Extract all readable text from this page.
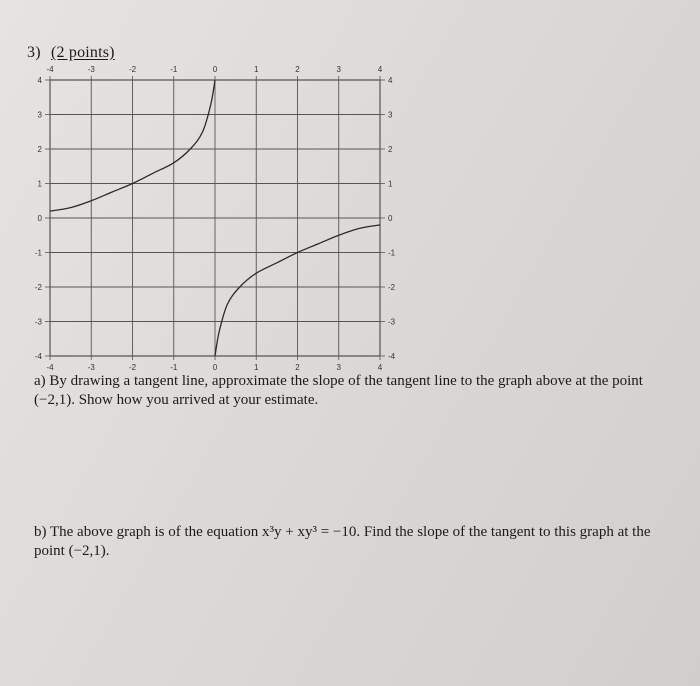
3) (2 points)
-4	-3	-2	-1	0	1	2	3	4
-4	-3	-2	-1	0	1	2	3	4
4
3
2
1
0
-1
-2
-3
-4
4
3
2
1
0
-1
-2
-3
-4
a) By drawing a tangent line, approximate the slope of the tangent line to the graph above at the point (−2,1). Show how you arrived at your estimate.
b) The above graph is of the equation x³y + xy³ = −10. Find the slope of the tangent to this graph at the point (−2,1).
